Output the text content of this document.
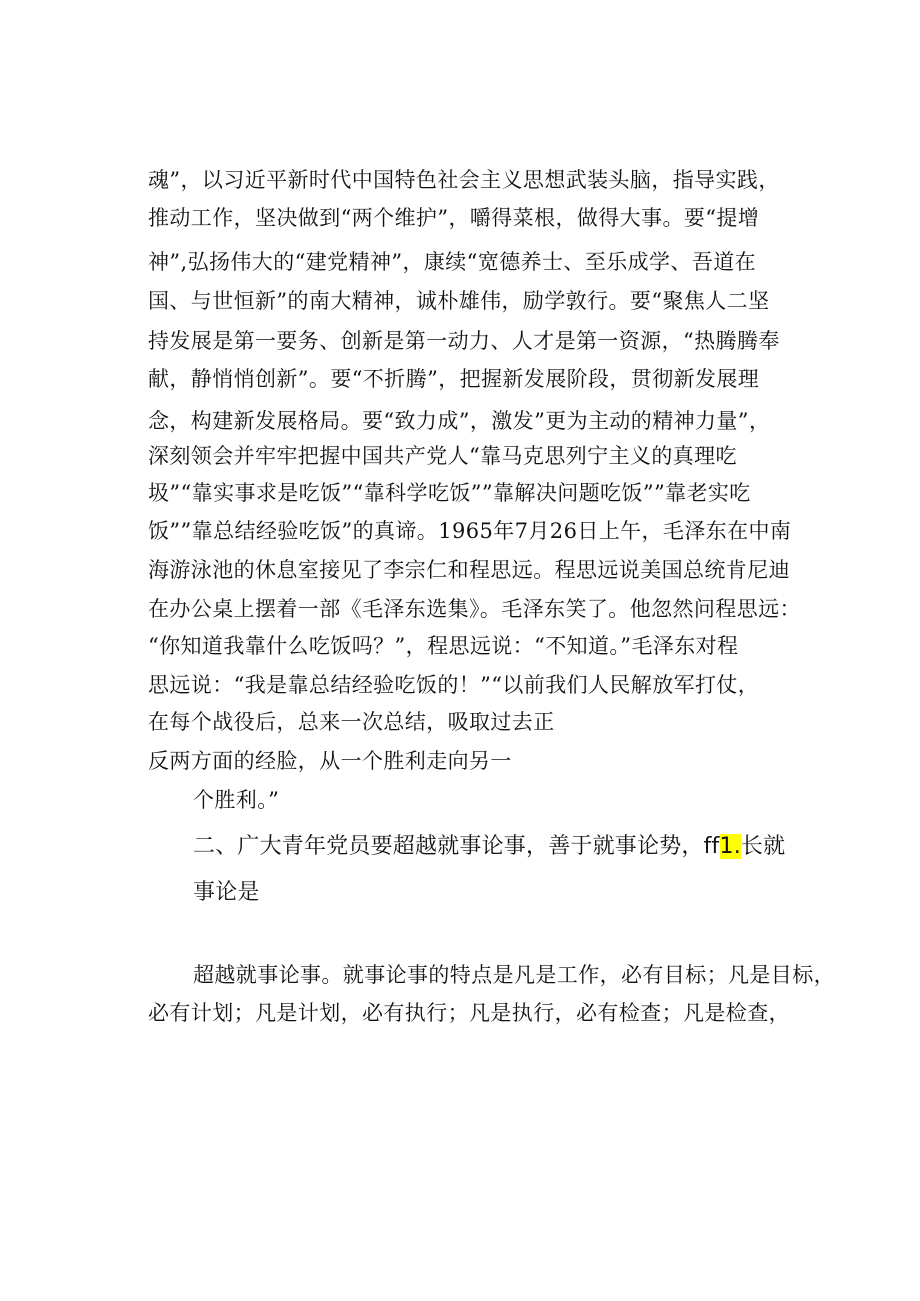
魂”，以习近平新时代中国特色社会主义思想武装头脑，指导实践，
推动工作，坚决做到“两个维护”，嚼得菜根，做得大事。要“提增
神”,弘扬伟大的“建党精神”，康续“宽德养士、至乐成学、吾道在
国、与世恒新”的南大精神，诚朴雄伟，励学敦行。要“聚焦人二坚
持发展是第一要务、创新是第一动力、人才是第一资源，“热腾腾奉
献，静悄悄创新”。要“不折腾”，把握新发展阶段，贯彻新发展理
念，构建新发展格局。要“致力成”，激发”更为主动的精神力量”，
深刻领会并牢牢把握中国共产党人“靠马克思列宁主义的真理吃
圾”“靠实事求是吃饭”“靠科学吃饭””靠解决问题吃饭””靠老实吃
饭””靠总结经验吃饭”的真谛。1965年7月26日上午，毛泽东在中南
海游泳池的休息室接见了李宗仁和程思远。程思远说美国总统肯尼迪
在办公桌上摆着一部《毛泽东选集》。毛泽东笑了。他忽然问程思远：
“你知道我靠什么吃饭吗？”，程思远说：“不知道。”毛泽东对程
思远说：“我是靠总结经验吃饭的！”“以前我们人民解放军打仗，
在每个战役后，总来一次总结，吸取过去正
反两方面的经脸，从一个胜利走向另一
个胜利。”
二、广大青年党员要超越就事论事，善于就事论势，ff1.长就
事论是
超越就事论事。就事论事的特点是凡是工作，必有目标；凡是目标，
必有计划；凡是计划，必有执行；凡是执行，必有检查；凡是检查，
